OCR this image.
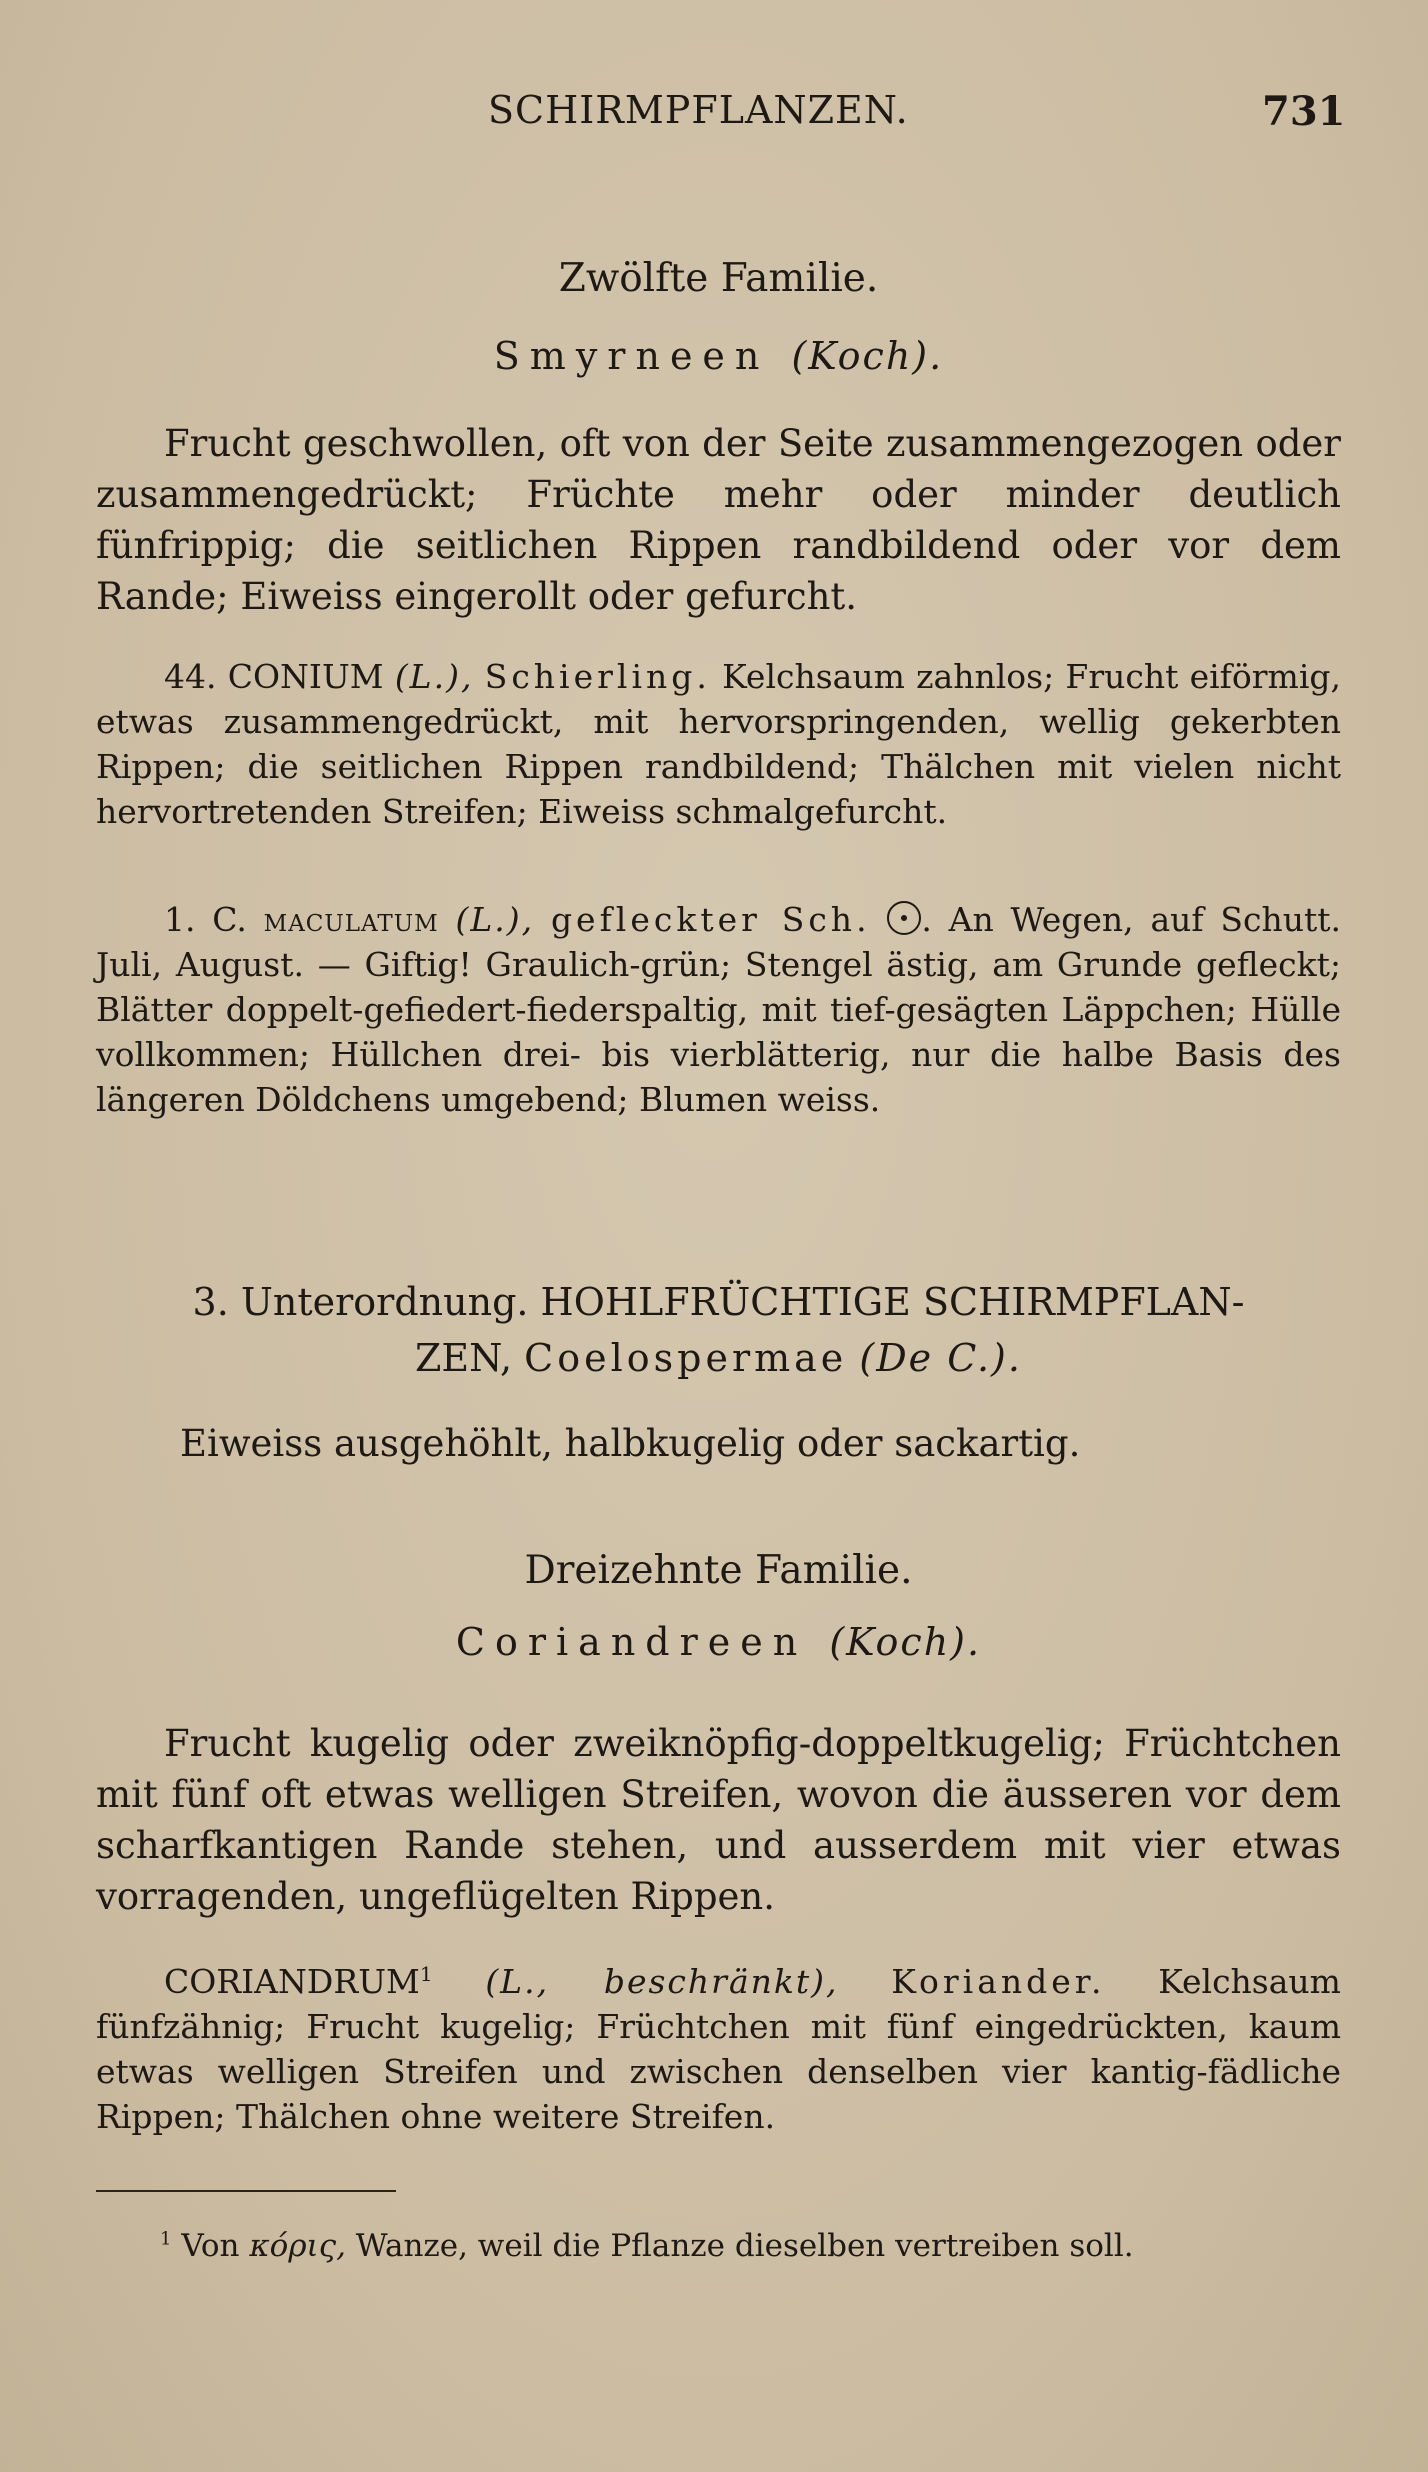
SCHIRMPFLANZEN.	731
Zwölfte Familie.
Smyrneen (Koch).
Frucht geschwollen, oft von der Seite zusammengezogen oder zusammengedrückt; Früchte mehr oder minder deutlich fünfrippig; die seitlichen Rippen randbildend oder vor dem Rande; Eiweiss eingerollt oder gefurcht.
44. CONIUM (L.), Schierling. Kelchsaum zahnlos; Frucht eiförmig, etwas zusammengedrückt, mit hervorspringenden, wellig gekerbten Rippen; die seitlichen Rippen randbildend; Thälchen mit vielen nicht hervortretenden Streifen; Eiweiss schmalgefurcht.
1. C. maculatum (L.), gefleckter Sch. . An Wegen, auf Schutt. Juli, August. — Giftig! Graulich-grün; Stengel ästig, am Grunde gefleckt; Blätter doppelt-gefiedert-fiederspaltig, mit tief-gesägten Läppchen; Hülle vollkommen; Hüllchen drei- bis vierblätterig, nur die halbe Basis des längeren Döldchens umgebend; Blumen weiss.
3. Unterordnung. HOHLFRÜCHTIGE SCHIRMPFLAN-
ZEN, Coelospermae (De C.).
Eiweiss ausgehöhlt, halbkugelig oder sackartig.
Dreizehnte Familie.
Coriandreen (Koch).
Frucht kugelig oder zweiknöpfig-doppeltkugelig; Früchtchen mit fünf oft etwas welligen Streifen, wovon die äusseren vor dem scharfkantigen Rande stehen, und ausserdem mit vier etwas vorragenden, ungeflügelten Rippen.
CORIANDRUM$^1$ (L., beschränkt), Koriander. Kelchsaum fünfzähnig; Frucht kugelig; Früchtchen mit fünf eingedrückten, kaum etwas welligen Streifen und zwischen denselben vier kantig-fädliche Rippen; Thälchen ohne weitere Streifen.
$^1$ Von κόρις, Wanze, weil die Pflanze dieselben vertreiben soll.
